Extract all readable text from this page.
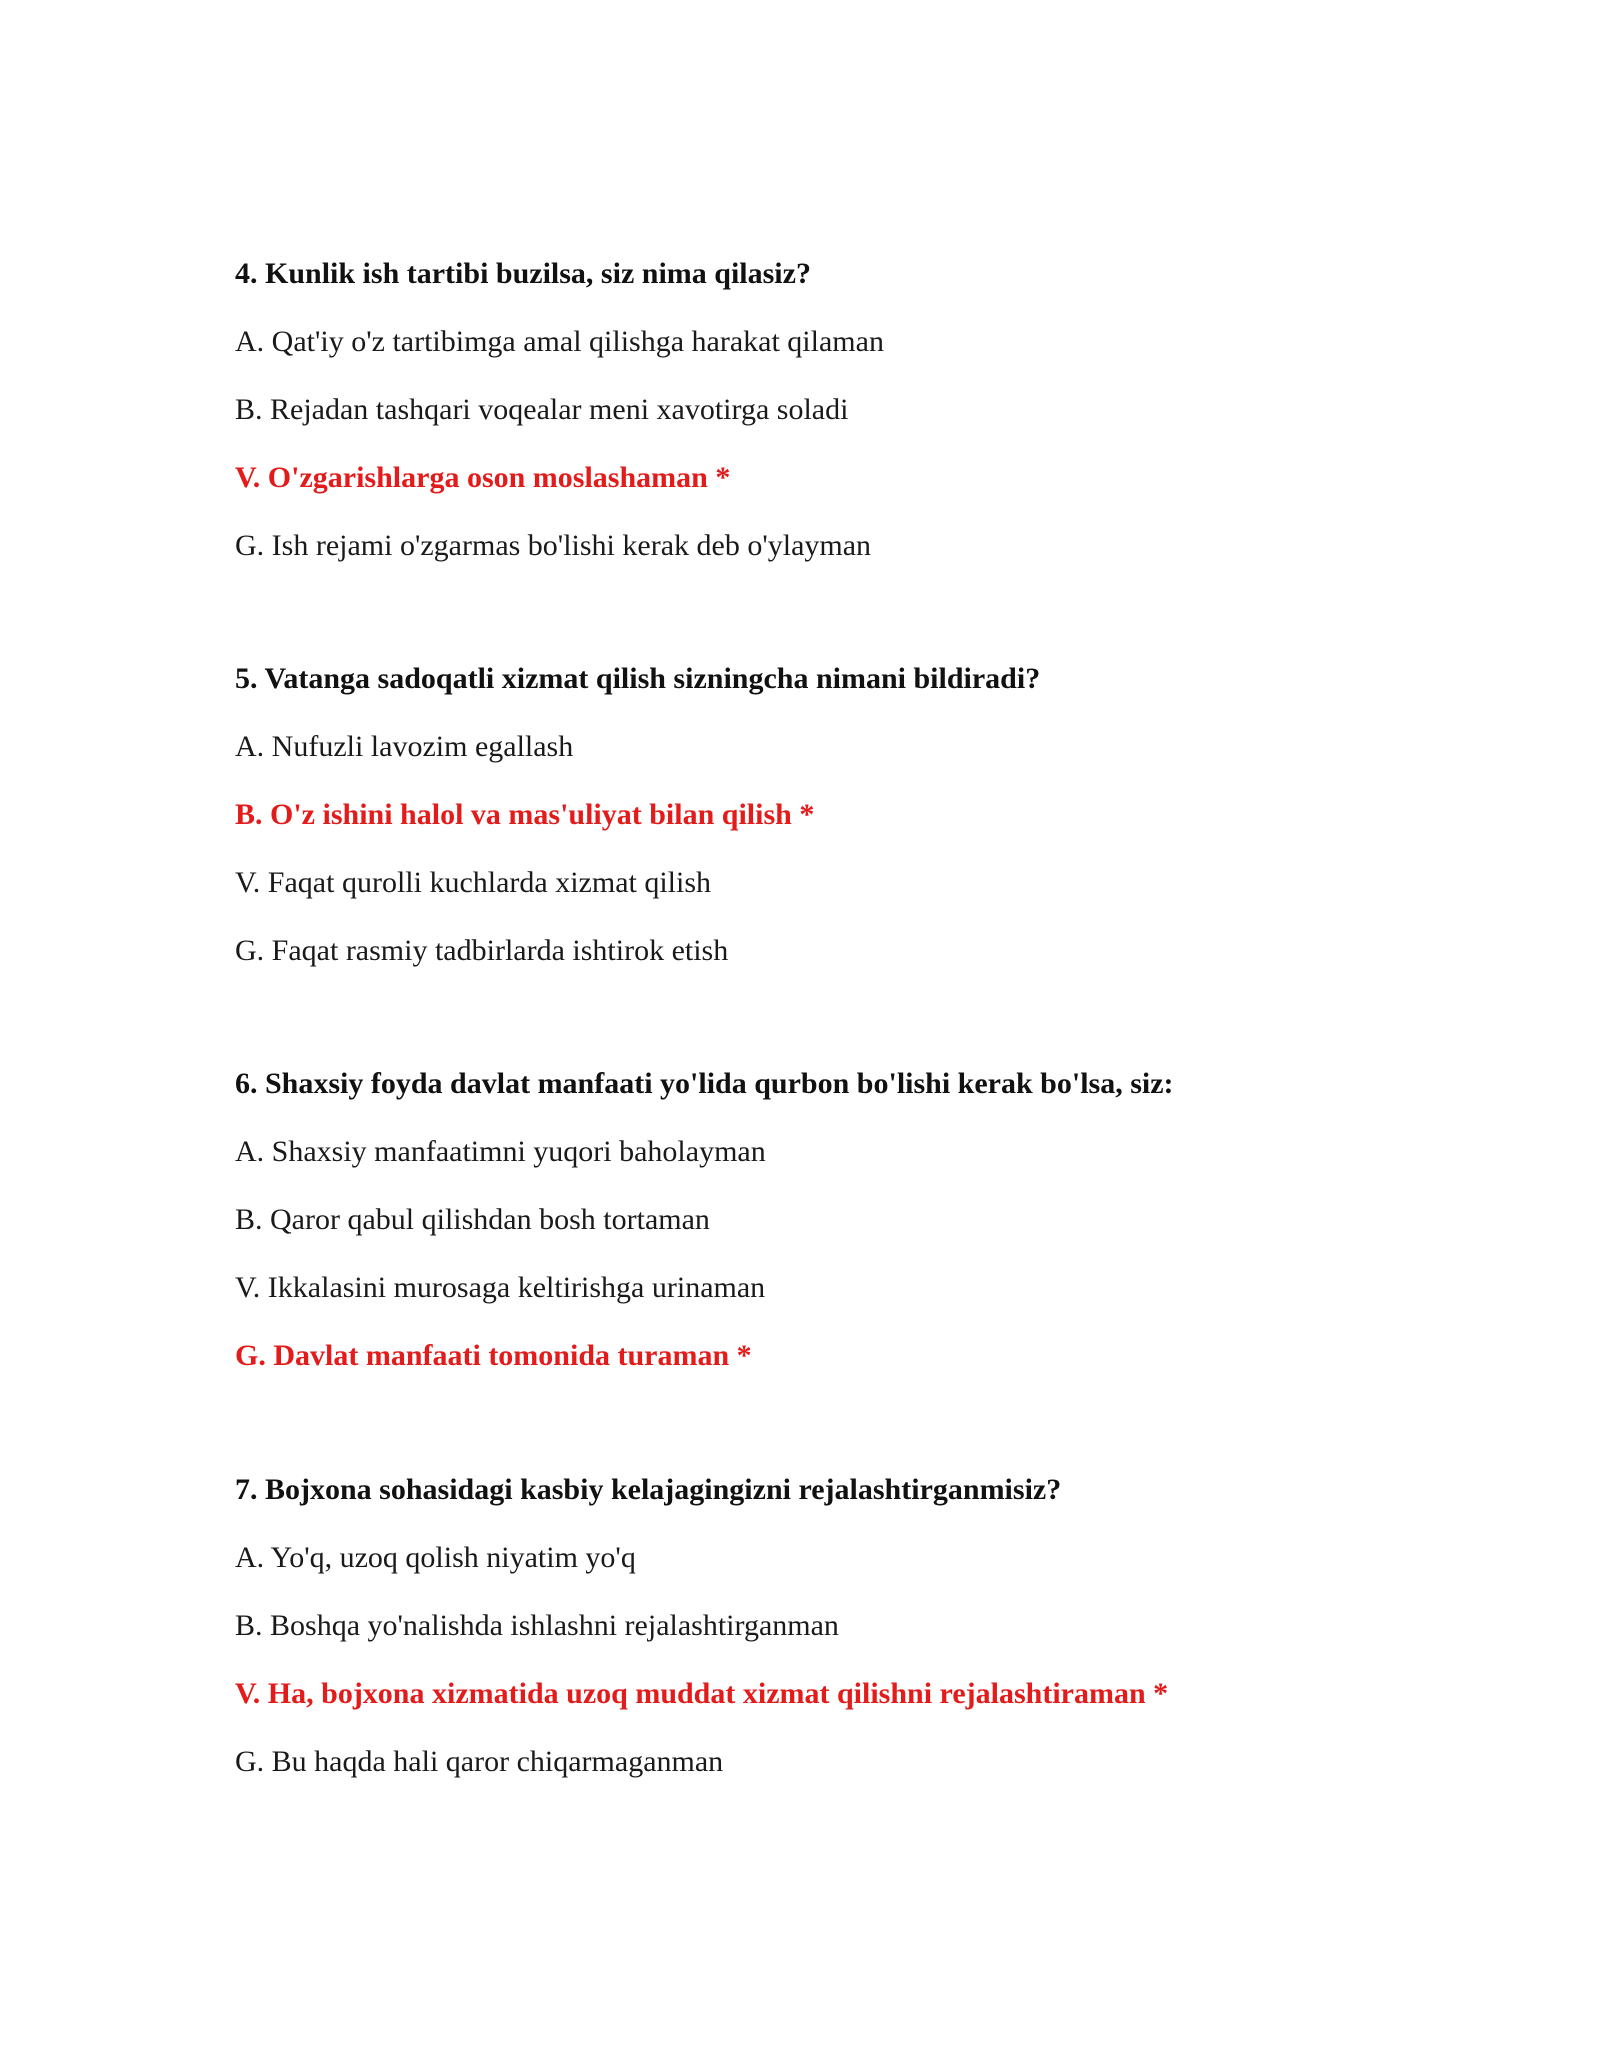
4. Kunlik ish tartibi buzilsa, siz nima qilasiz?
A. Qat'iy o'z tartibimga amal qilishga harakat qilaman
B. Rejadan tashqari voqealar meni xavotirga soladi
V. O'zgarishlarga oson moslashaman *
G. Ish rejami o'zgarmas bo'lishi kerak deb o'ylayman
5. Vatanga sadoqatli xizmat qilish sizningcha nimani bildiradi?
A. Nufuzli lavozim egallash
B. O'z ishini halol va mas'uliyat bilan qilish *
V. Faqat qurolli kuchlarda xizmat qilish
G. Faqat rasmiy tadbirlarda ishtirok etish
6. Shaxsiy foyda davlat manfaati yo'lida qurbon bo'lishi kerak bo'lsa, siz:
A. Shaxsiy manfaatimni yuqori baholayman
B. Qaror qabul qilishdan bosh tortaman
V. Ikkalasini murosaga keltirishga urinaman
G. Davlat manfaati tomonida turaman *
7. Bojxona sohasidagi kasbiy kelajagingizni rejalashtirganmisiz?
A. Yo'q, uzoq qolish niyatim yo'q
B. Boshqa yo'nalishda ishlashni rejalashtirganman
V. Ha, bojxona xizmatida uzoq muddat xizmat qilishni rejalashtiraman *
G. Bu haqda hali qaror chiqarmaganman
